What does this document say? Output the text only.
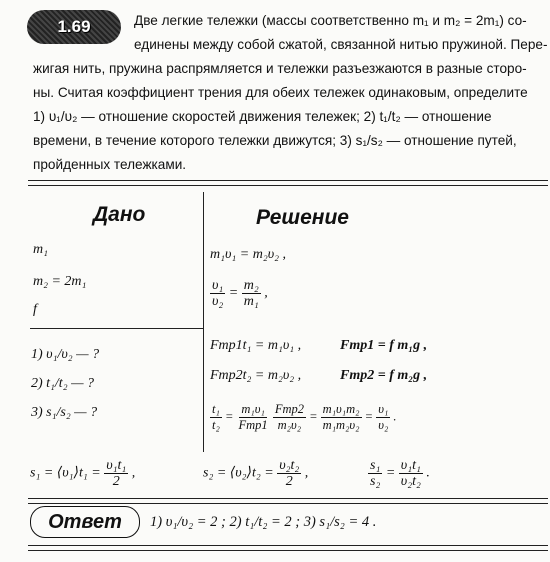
1.69	Две легкие тележки (массы соответственно m₁ и m₂ = 2m₁) со-
единены между собой сжатой, связанной нитью пружиной. Пере-
жигая нить, пружина распрямляется и тележки разъезжаются в разные сторо-
ны. Считая коэффициент трения для обеих тележек одинаковым, определите
1) υ₁/υ₂ — отношение скоростей движения тележек; 2) t₁/t₂ — отношение
времени, в течение которого тележки движутся; 3) s₁/s₂ — отношение путей,
пройденных тележками.
Дано
m₁
m₂ = 2m₁
f
1) υ₁/υ₂ — ?
2) t₁/t₂ — ?
3) s₁/s₂ — ?
Решение
m₁υ₁ = m₂υ₂ ,
$\frac{\text{υ₁}}{\text{υ₂}} = \frac{\text{m₂}}{\text{m₁}}$ ,
Fтр1t₁ = m₁υ₁ ,	Fтр1 = f m₁g ,
Fтр2t₂ = m₂υ₂ ,	Fтр2 = f m₂g ,
$\frac{\text{t₁}}{\text{t₂}} = \frac{\text{m₁υ₁}}{\text{Fтр1}}$
$\frac{\text{Fтр2}}{\text{m₂υ₂}} = \frac{\text{m₁υ₁m₂}}{\text{m₁m₂υ₂}} = \frac{\text{υ₁}}{\text{υ₂}}$ .
s₁ = ⟨υ₁⟩t₁ = $\frac{\text{υ₁t₁}}{2}$ ,	s₂ = ⟨υ₂⟩t₂ = $\frac{\text{υ₂t₂}}{2}$ ,	$\frac{\text{s₁}}{\text{s₂}} = \frac{\text{υ₁t₁}}{\text{υ₂t₂}}$ .
Ответ 1) υ₁/υ₂ = 2 ; 2) t₁/t₂ = 2 ; 3) s₁/s₂ = 4 .
